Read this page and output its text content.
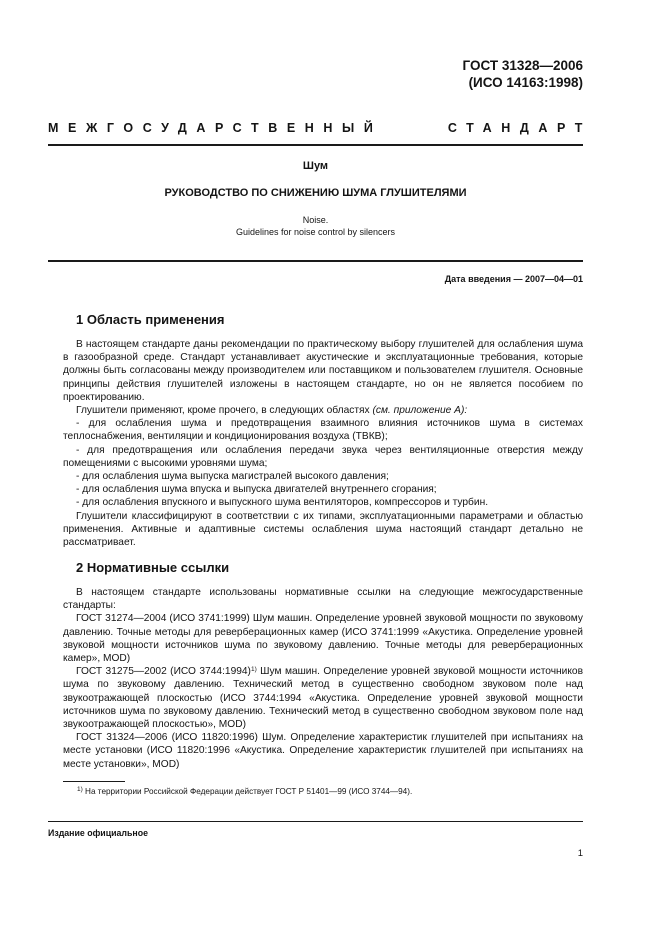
ГОСТ 31328—2006
(ИСО 14163:1998)
МЕЖГОСУДАРСТВЕННЫЙ	СТАНДАРТ
Шум
РУКОВОДСТВО ПО СНИЖЕНИЮ ШУМА ГЛУШИТЕЛЯМИ
Noise.
Guidelines for noise control by silencers
Дата введения — 2007—04—01
1 Область применения

В настоящем стандарте даны рекомендации по практическому выбору глушителей для ослабления шума в газообразной среде. Стандарт устанавливает акустические и эксплуатационные требования, которые должны быть согласованы между производителем или поставщиком и пользователем глушителя. Основные принципы действия глушителей изложены в настоящем стандарте, но он не является пособием по проектированию.

Глушители применяют, кроме прочего, в следующих областях (см. приложение А):

- для ослабления шума и предотвращения взаимного влияния источников шума в системах теплоснабжения, вентиляции и кондиционирования воздуха (ТВКВ);

- для предотвращения или ослабления передачи звука через вентиляционные отверстия между помещениями с высокими уровнями шума;

- для ослабления шума выпуска магистралей высокого давления;

- для ослабления шума впуска и выпуска двигателей внутреннего сгорания;

- для ослабления впускного и выпускного шума вентиляторов, компрессоров и турбин.

Глушители классифицируют в соответствии с их типами, эксплуатационными параметрами и областью применения. Активные и адаптивные системы ослабления шума настоящий стандарт детально не рассматривает.

2 Нормативные ссылки

В настоящем стандарте использованы нормативные ссылки на следующие межгосударственные стандарты:

ГОСТ 31274—2004 (ИСО 3741:1999) Шум машин. Определение уровней звуковой мощности по звуковому давлению. Точные методы для реверберационных камер (ИСО 3741:1999 «Акустика. Определение уровней звуковой мощности источников шума по звуковому давлению. Точные методы для реверберационных камер», MOD)

ГОСТ 31275—2002 (ИСО 3744:1994)$^{1)}$ Шум машин. Определение уровней звуковой мощности источников шума по звуковому давлению. Технический метод в существенно свободном звуковом поле над звукоотражающей плоскостью (ИСО 3744:1994 «Акустика. Определение уровней звуковой мощности источников шума по звуковому давлению. Технический метод в существенно свободном звуковом поле над звукоотражающей плоскостью», MOD)

ГОСТ 31324—2006 (ИСО 11820:1996) Шум. Определение характеристик глушителей при испытаниях на месте установки (ИСО 11820:1996 «Акустика. Определение характеристик глушителей при испытаниях на месте установки», MOD)

$^{1)}$ На территории Российской Федерации действует ГОСТ Р 51401—99 (ИСО 3744—94).
Издание официальное
1
